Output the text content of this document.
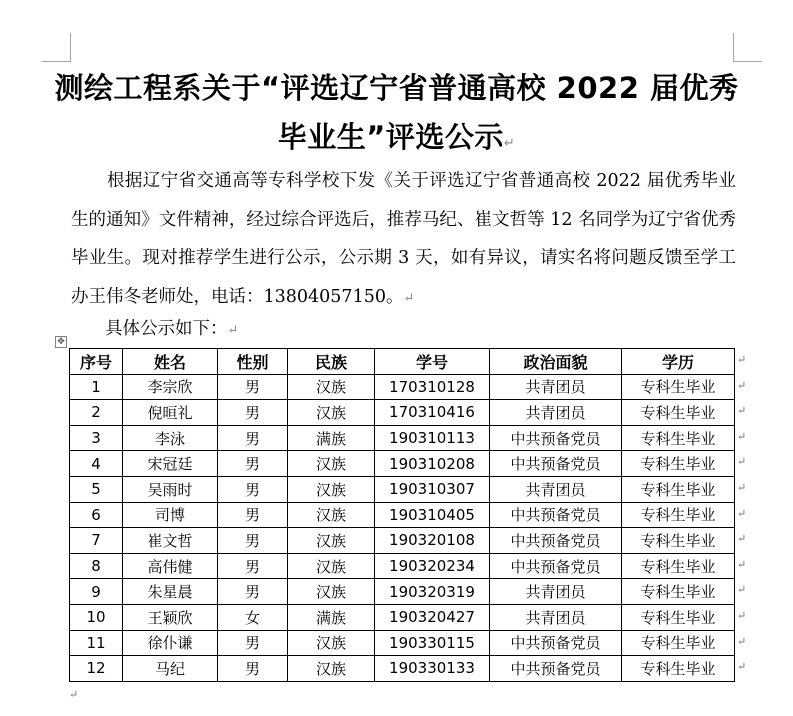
测绘工程系关于“评选辽宁省普通高校 2022 届优秀
毕业生”评选公示↵
根据辽宁省交通高等专科学校下发《关于评选辽宁省普通高校 2022 届优秀毕业生的通知》文件精神，经过综合评选后，推荐马纪、崔文哲等 12 名同学为辽宁省优秀毕业生。现对推荐学生进行公示，公示期 3 天，如有异议，请实名将问题反馈至学工办王伟冬老师处，电话：13804057150。↵
具体公示如下：↵
✥
序号	姓名	性别	民族	学号	政治面貌	学历
1	李宗欣	男	汉族	170310128	共青团员	专科生毕业
2	倪晅礼	男	汉族	170310416	共青团员	专科生毕业
3	李泳	男	满族	190310113	中共预备党员	专科生毕业
4	宋冠廷	男	汉族	190310208	中共预备党员	专科生毕业
5	吴雨时	男	汉族	190310307	共青团员	专科生毕业
6	司博	男	汉族	190310405	中共预备党员	专科生毕业
7	崔文哲	男	汉族	190320108	中共预备党员	专科生毕业
8	高伟健	男	汉族	190320234	中共预备党员	专科生毕业
9	朱星晨	男	汉族	190320319	共青团员	专科生毕业
10	王颖欣	女	满族	190320427	共青团员	专科生毕业
11	徐仆谦	男	汉族	190330115	中共预备党员	专科生毕业
12	马纪	男	汉族	190330133	中共预备党员	专科生毕业
↵
↵
↵
↵
↵
↵
↵
↵
↵
↵
↵
↵
↵
↵
